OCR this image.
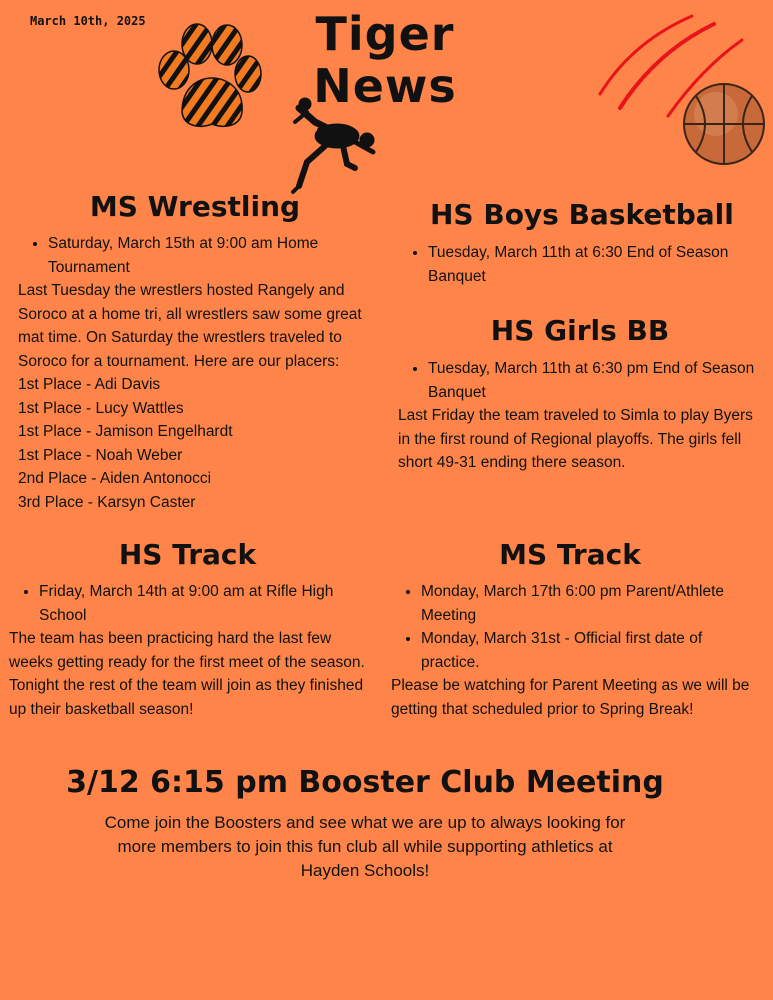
March 10th, 2025	Tiger
News
MS Wrestling
• Saturday, March 15th at 9:00 am Home Tournament

Last Tuesday the wrestlers hosted Rangely and Soroco at a home tri, all wrestlers saw some great mat time. On Saturday the wrestlers traveled to Soroco for a tournament. Here are our placers:

1st Place - Adi Davis
1st Place - Lucy Wattles
1st Place - Jamison Engelhardt
1st Place - Noah Weber
2nd Place - Aiden Antonocci
3rd Place - Karsyn Caster
HS Boys Basketball
• Tuesday, March 11th at 6:30 End of Season Banquet
HS Girls BB
• Tuesday, March 11th at 6:30 pm End of Season Banquet

Last Friday the team traveled to Simla to play Byers in the first round of Regional playoffs. The girls fell short 49-31 ending there season.

HS Track
• Friday, March 14th at 9:00 am at Rifle High School

The team has been practicing hard the last few weeks getting ready for the first meet of the season. Tonight the rest of the team will join as they finished up their basketball season!

MS Track
• Monday, March 17th 6:00 pm Parent/Athlete Meeting
• Monday, March 31st - Official first date of practice.

Please be watching for Parent Meeting as we will be getting that scheduled prior to Spring Break!

3/12 6:15 pm Booster Club Meeting
Come join the Boosters and see what we are up to always looking for more members to join this fun club all while supporting athletics at Hayden Schools!
